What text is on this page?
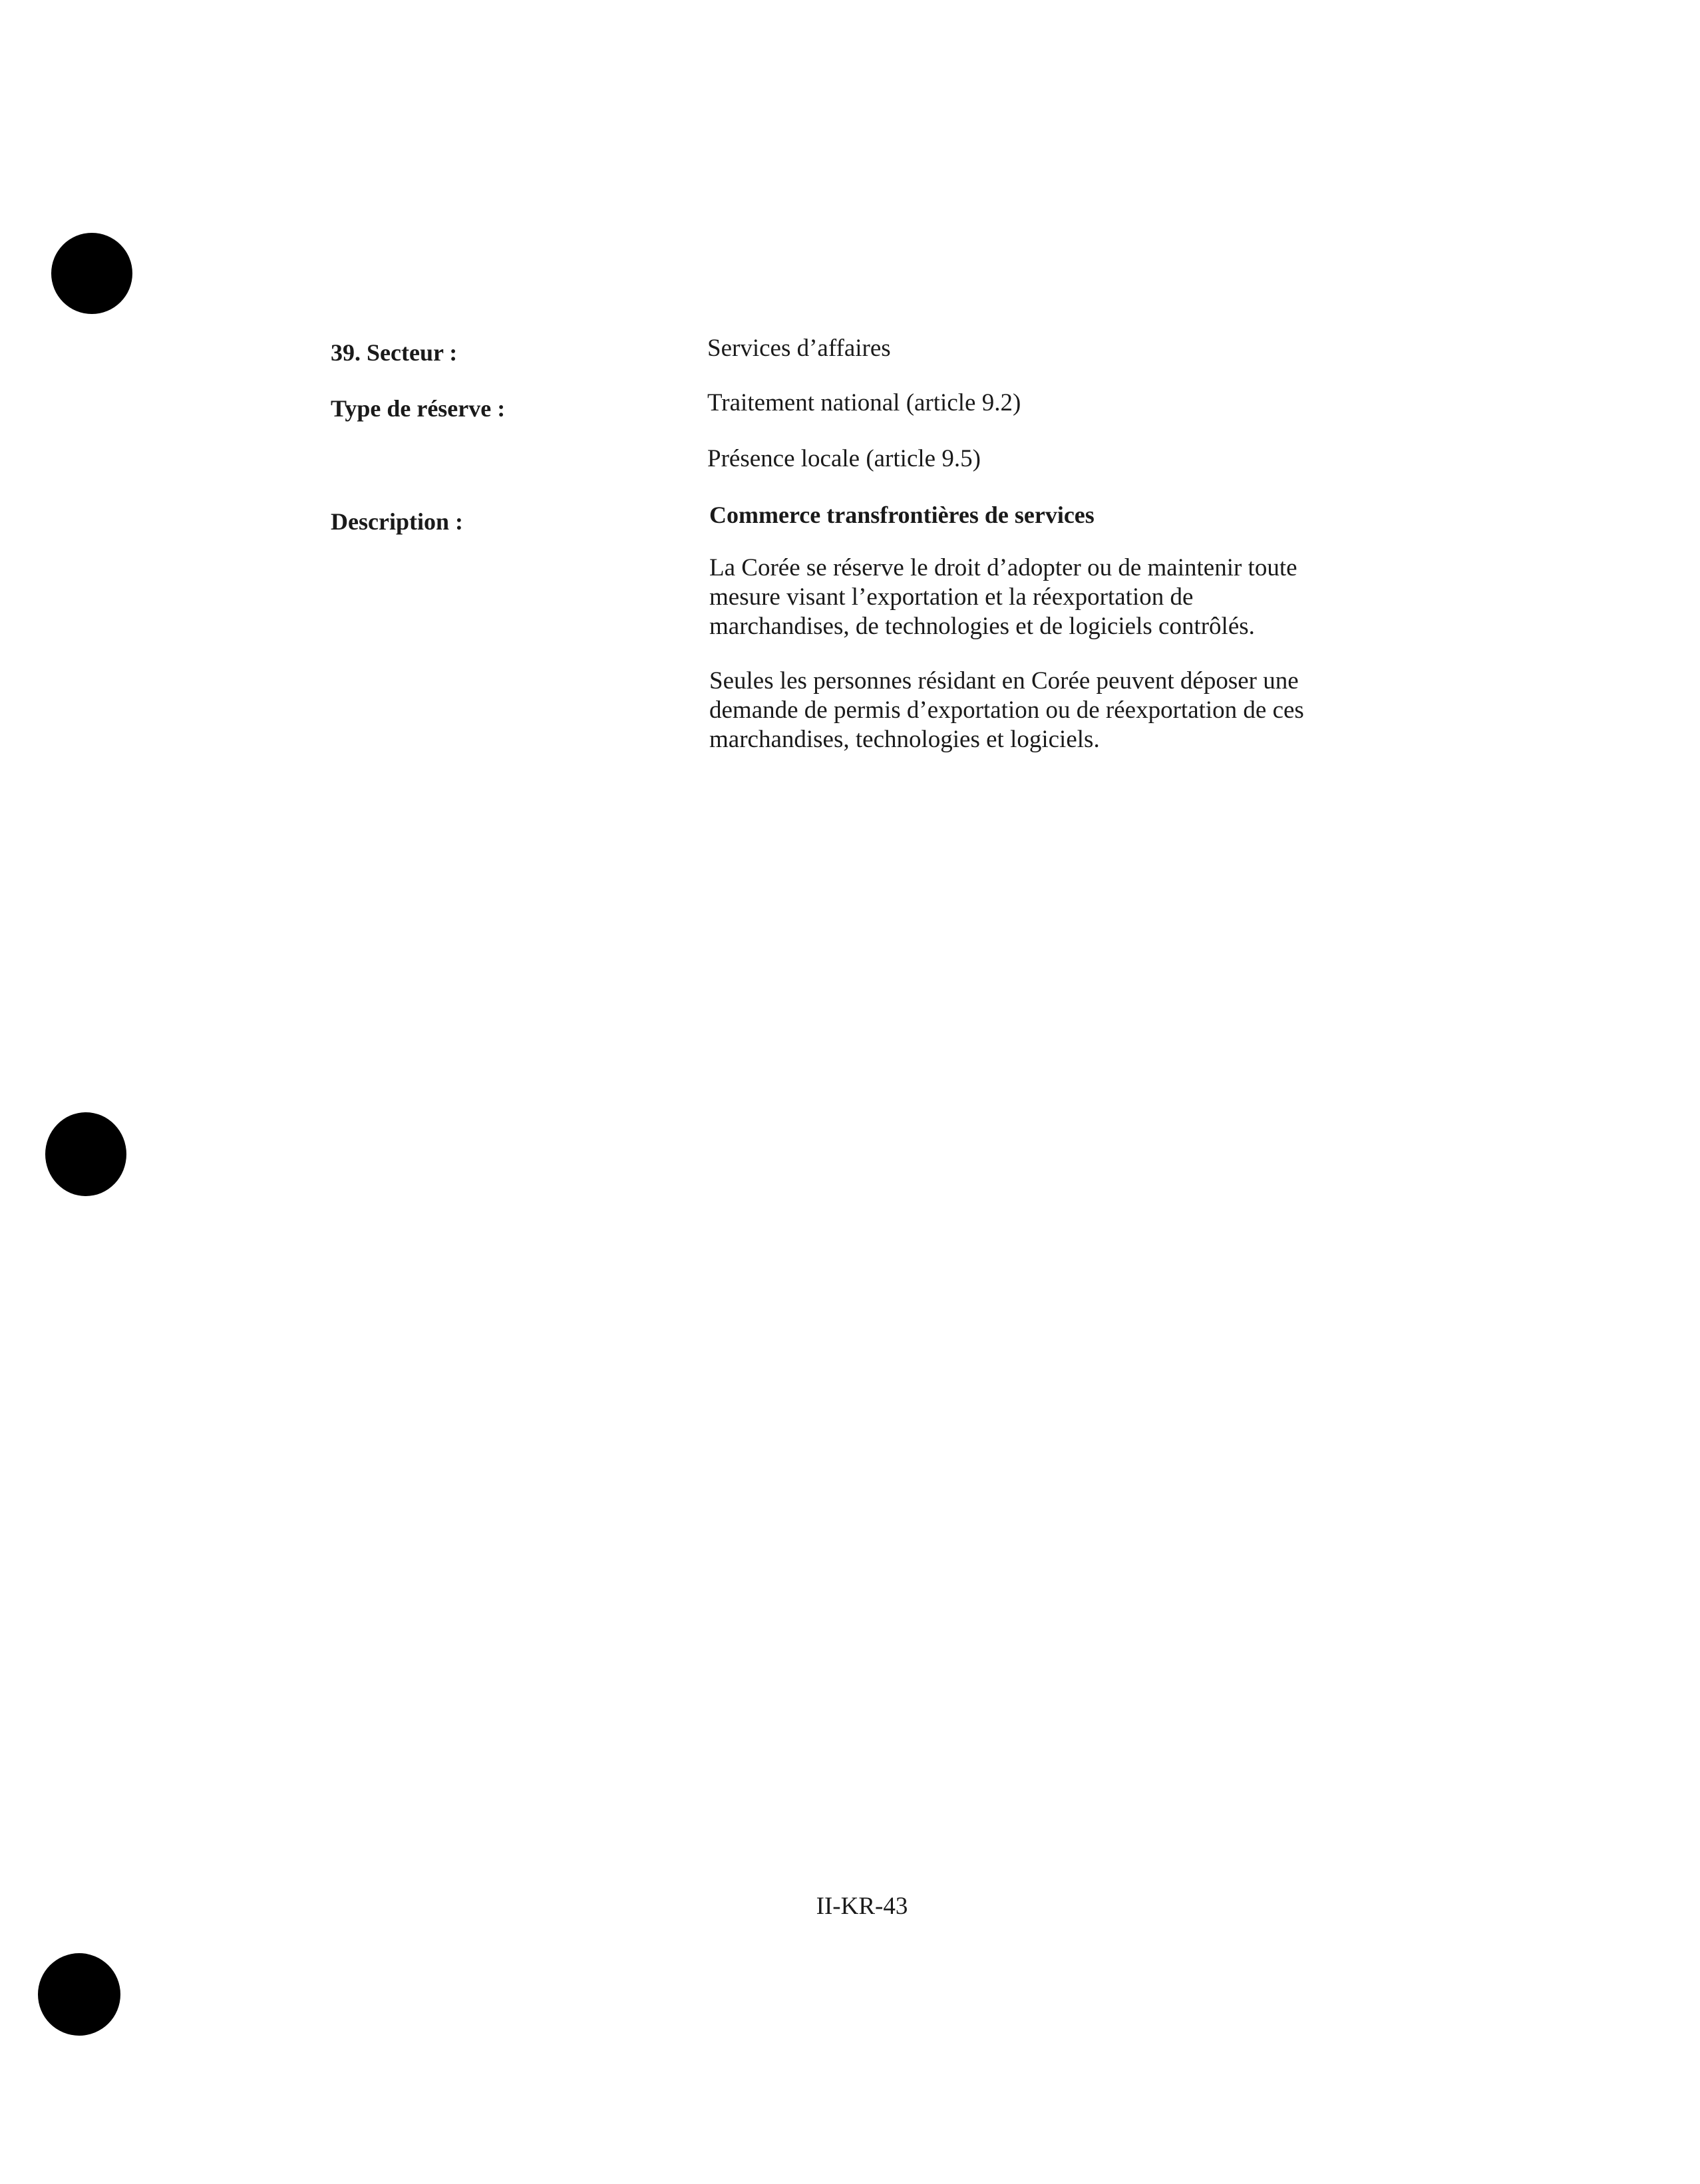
39. Secteur :	Services d’affaires
Type de réserve :	Traitement national (article 9.2)
Présence locale (article 9.5)
Description :	Commerce transfrontières de services
La Corée se réserve le droit d’adopter ou de maintenir toute
mesure visant l’exportation et la réexportation de
marchandises, de technologies et de logiciels contrôlés.
Seules les personnes résidant en Corée peuvent déposer une
demande de permis d’exportation ou de réexportation de ces
marchandises, technologies et logiciels.
II-KR-43
